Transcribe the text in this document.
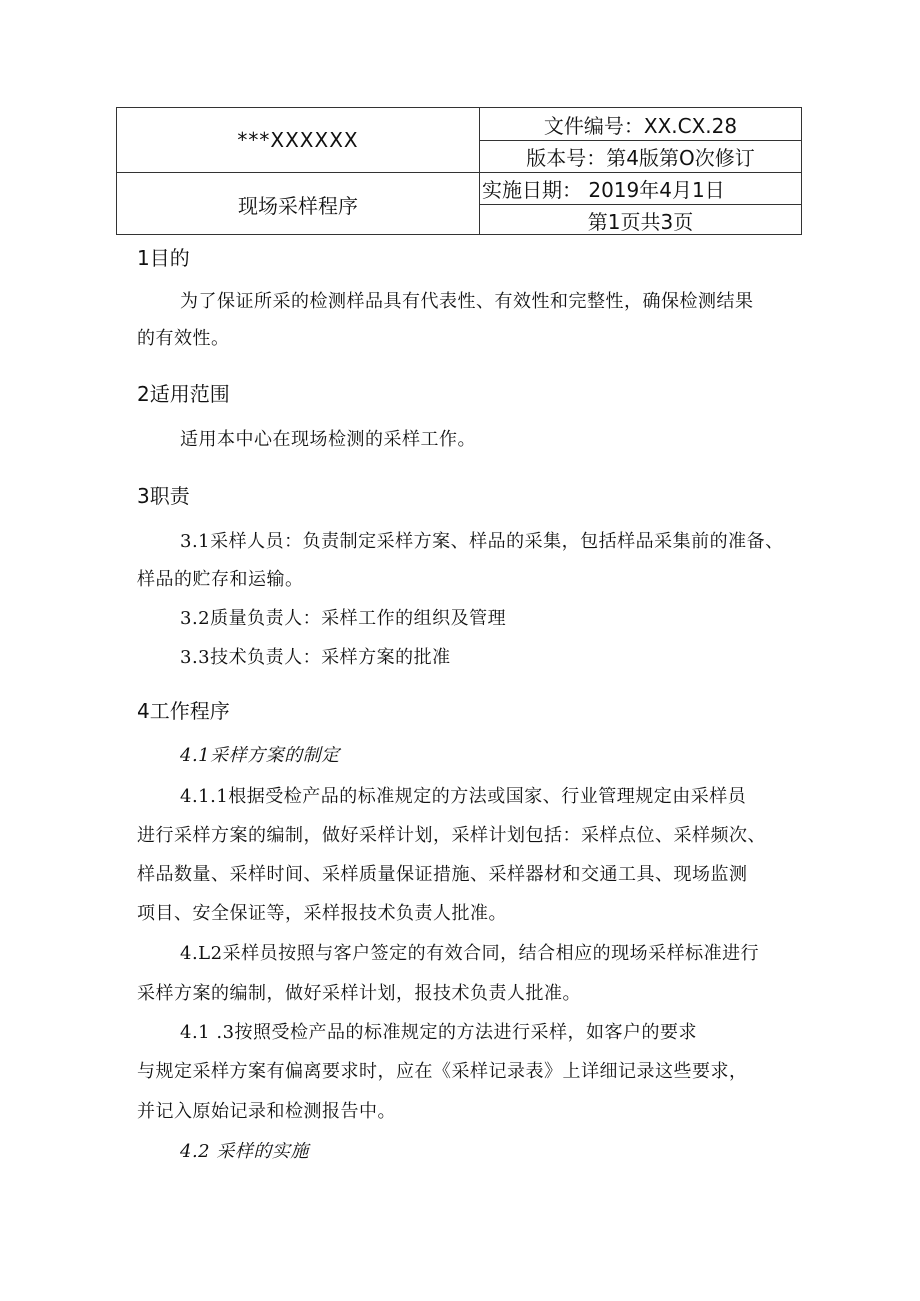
***XXXXXX
现场采样程序
文件编号：XX.CX.28
版本号：第4版第O次修订
实施日期： 2019年4月1日
第1页共3页
1目的
为了保证所采的检测样品具有代表性、有效性和完整性，确保检测结果
的有效性。
2适用范围
适用本中心在现场检测的采样工作。
3职责
3.1采样人员：负责制定采样方案、样品的采集，包括样品采集前的准备、
样品的贮存和运输。
3.2质量负责人：采样工作的组织及管理
3.3技术负责人：采样方案的批准
4工作程序
4.1采样方案的制定
4.1.1根据受检产品的标准规定的方法或国家、行业管理规定由采样员
进行采样方案的编制，做好采样计划，采样计划包括：采样点位、采样频次、
样品数量、采样时间、采样质量保证措施、采样器材和交通工具、现场监测
项目、安全保证等，采样报技术负责人批准。
4.L2采样员按照与客户签定的有效合同，结合相应的现场采样标准进行
采样方案的编制，做好采样计划，报技术负责人批准。
4.1 .3按照受检产品的标准规定的方法进行采样，如客户的要求
与规定采样方案有偏离要求时，应在《采样记录表》上详细记录这些要求，
并记入原始记录和检测报告中。
4.2 采样的实施
